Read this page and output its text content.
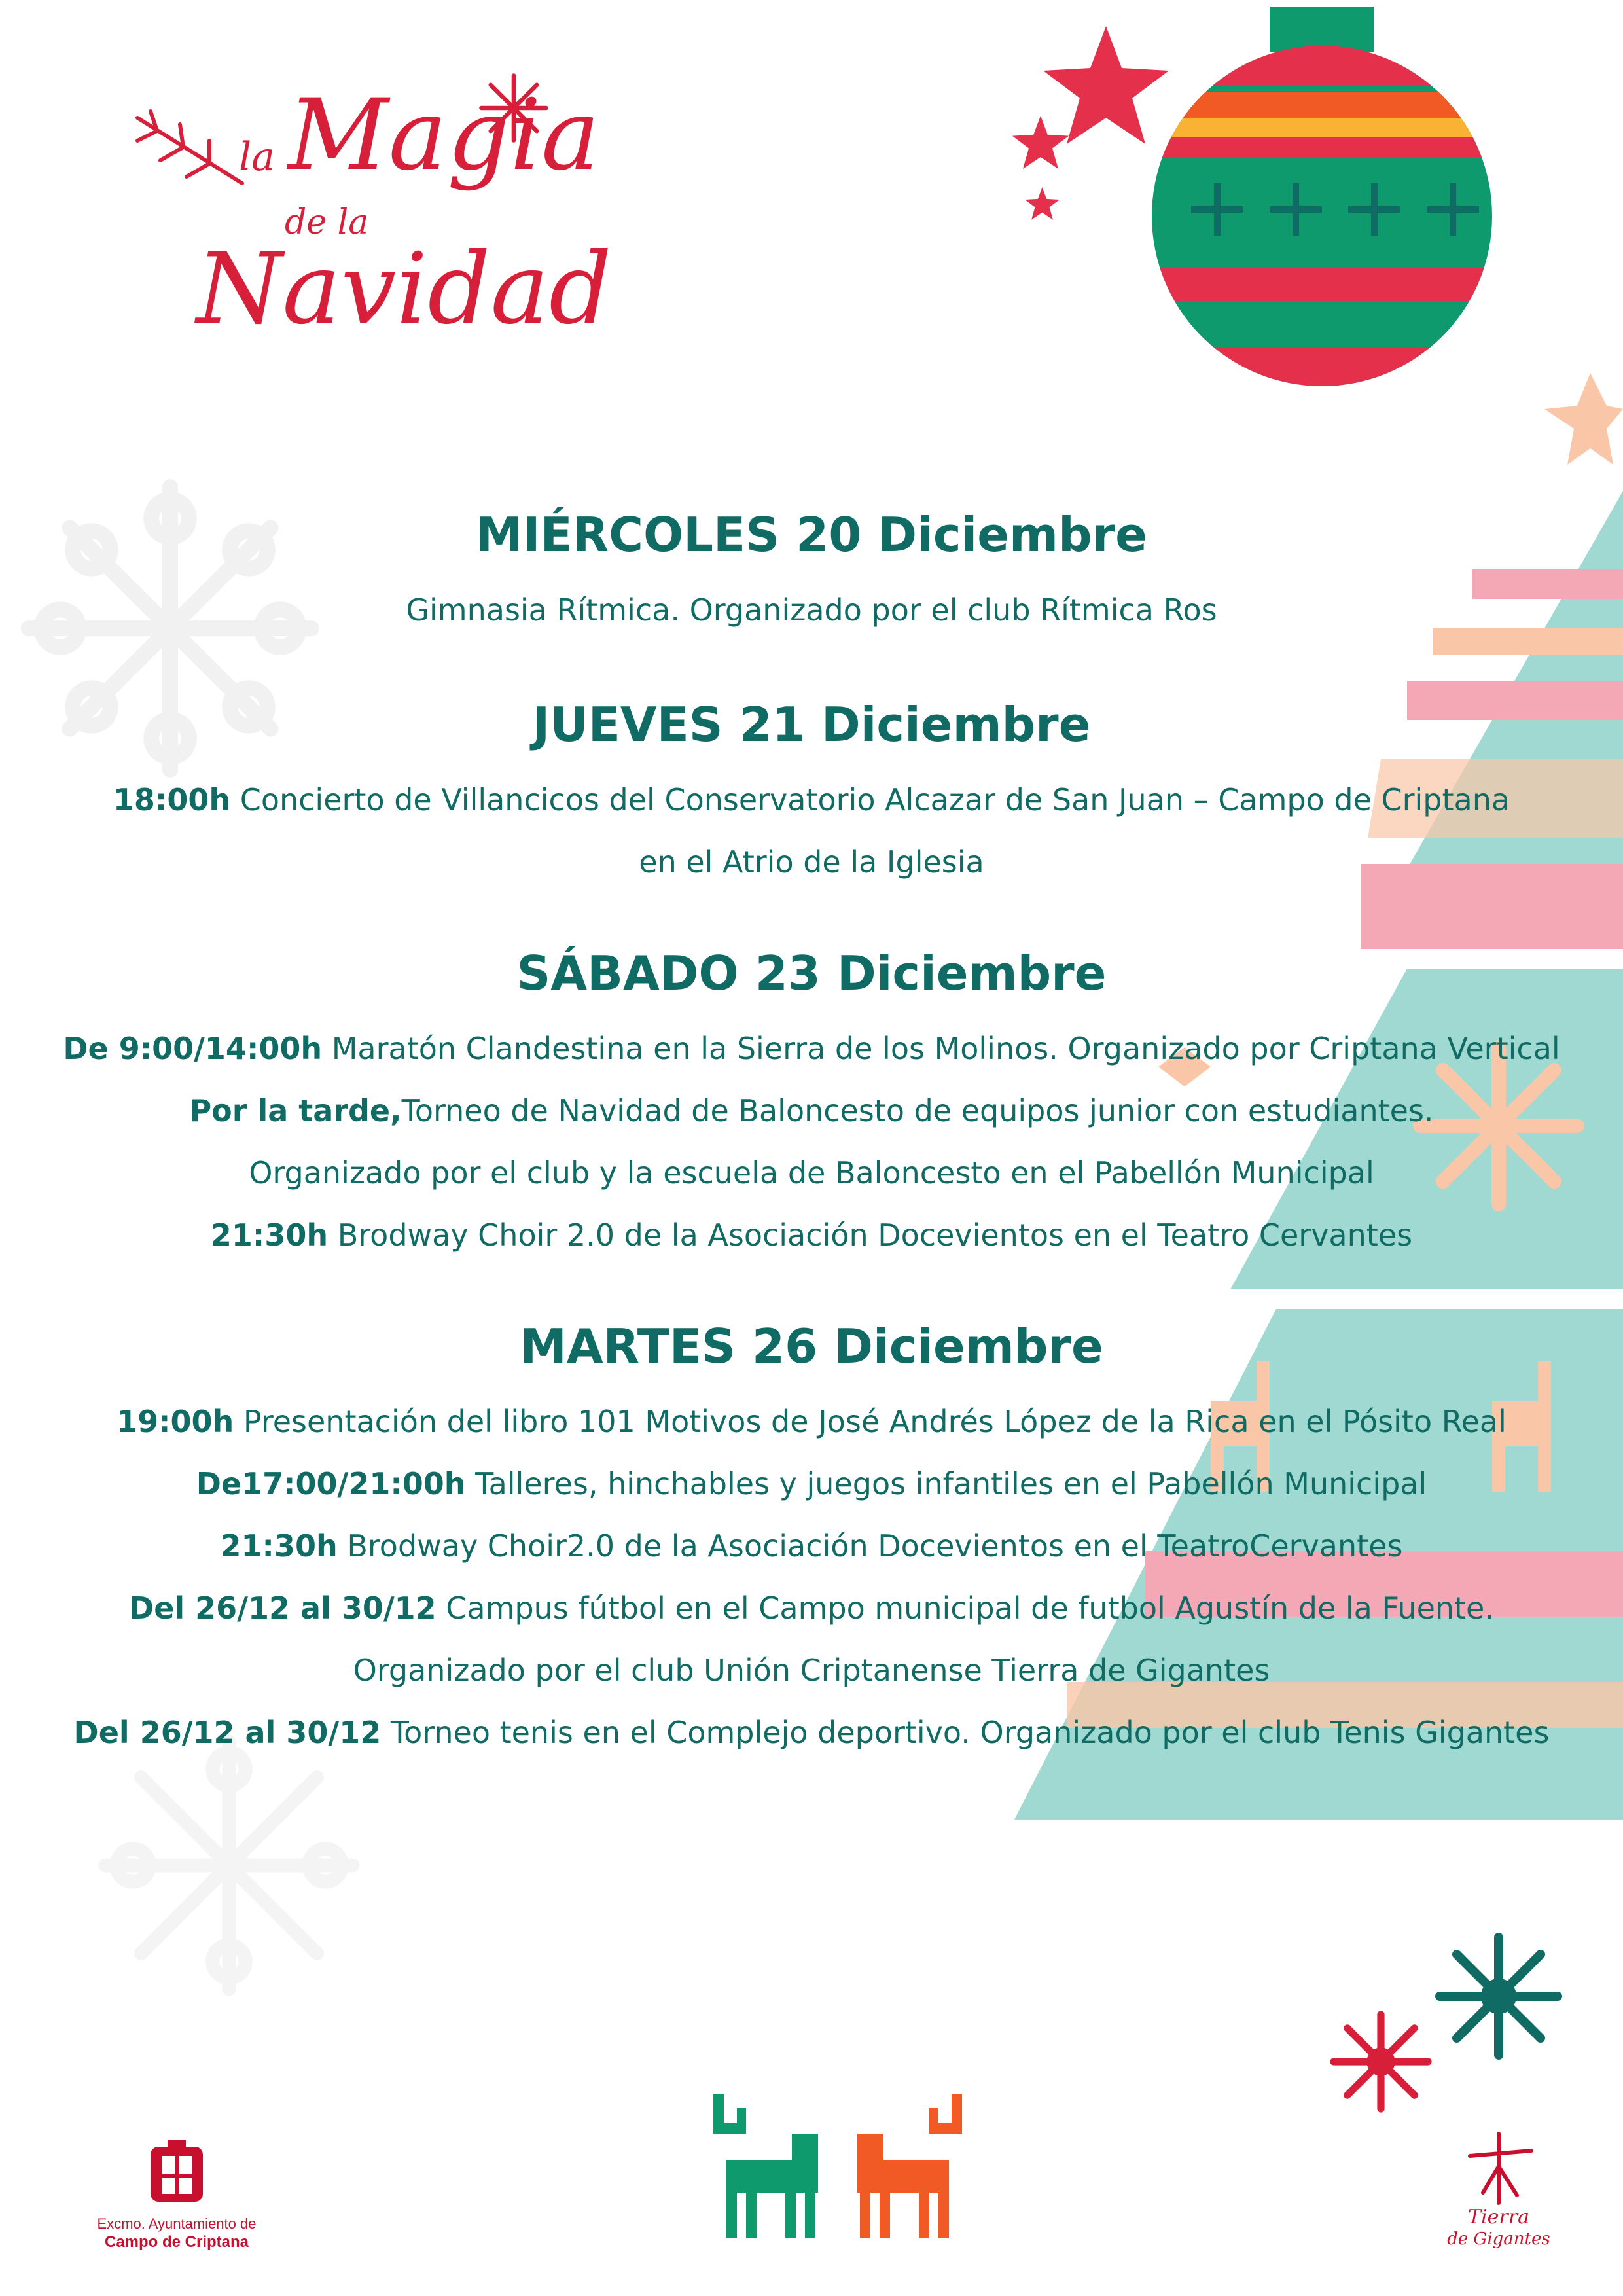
la Magia
de la
Navidad
MIÉRCOLES 20 Diciembre
Gimnasia Rítmica. Organizado por el club Rítmica Ros
JUEVES 21 Diciembre
18:00h Concierto de Villancicos del Conservatorio Alcazar de San Juan – Campo de Criptana
en el Atrio de la Iglesia
SÁBADO 23 Diciembre
De 9:00/14:00h Maratón Clandestina en la Sierra de los Molinos. Organizado por Criptana Vertical
Por la tarde,Torneo de Navidad de Baloncesto de equipos junior con estudiantes.
Organizado por el club y la escuela de Baloncesto en el Pabellón Municipal
21:30h Brodway Choir 2.0 de la Asociación Docevientos en el Teatro Cervantes
MARTES 26 Diciembre
19:00h Presentación del libro 101 Motivos de José Andrés López de la Rica en el Pósito Real
De17:00/21:00h Talleres, hinchables y juegos infantiles en el Pabellón Municipal
21:30h Brodway Choir2.0 de la Asociación Docevientos en el TeatroCervantes
Del 26/12 al 30/12 Campus fútbol en el Campo municipal de futbol Agustín de la Fuente.
Organizado por el club Unión Criptanense Tierra de Gigantes
Del 26/12 al 30/12 Torneo tenis en el Complejo deportivo. Organizado por el club Tenis Gigantes
Excmo. Ayuntamiento de
Campo de Criptana
Tierra
de Gigantes
